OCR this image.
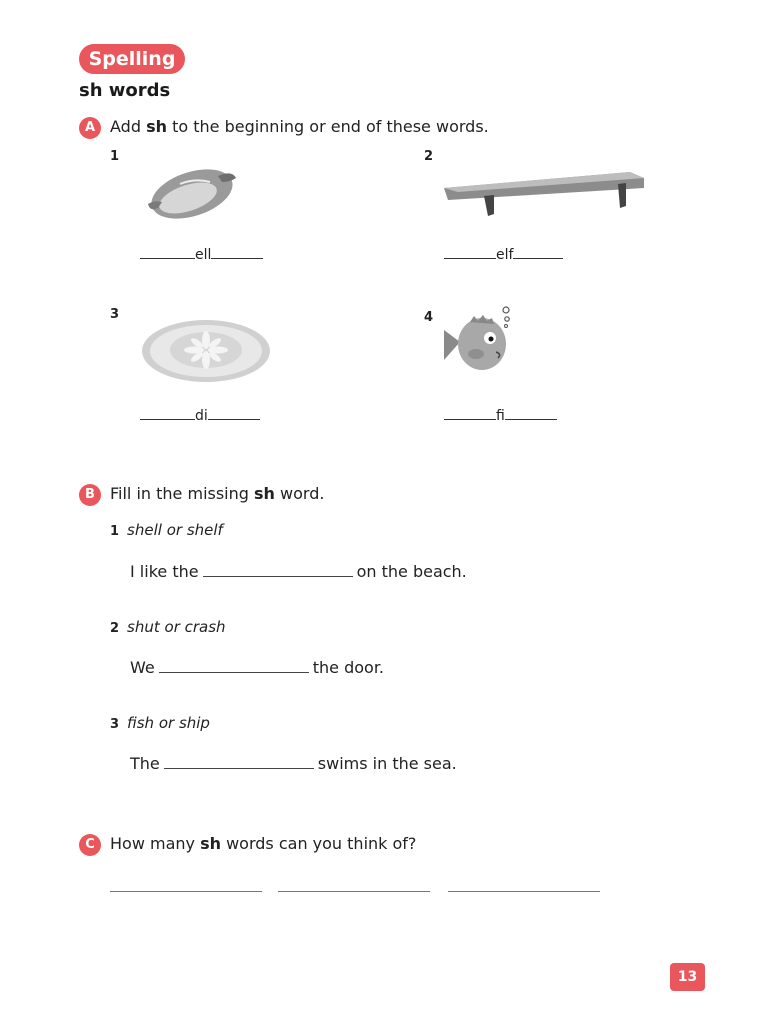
Spelling
sh words
A Add sh to the beginning or end of these words.
1
ell
2
elf
3
di
4
fi
B Fill in the missing sh word.
1 shell or shelf
I like the	on the beach.
2 shut or crash
We	the door.
3 fish or ship
The	swims in the sea.
C How many sh words can you think of?
13
